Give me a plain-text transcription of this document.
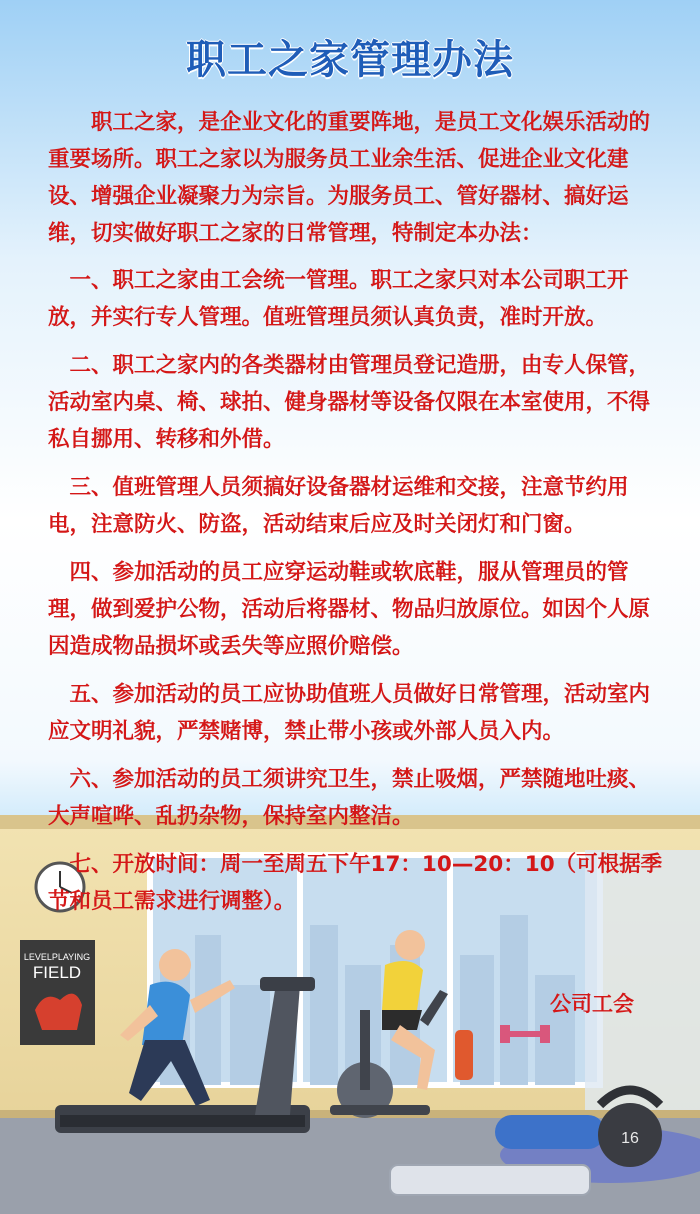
LEVELPLAYING
FIELD
16
职工之家管理办法

职工之家，是企业文化的重要阵地，是员工文化娱乐活动的重要场所。职工之家以为服务员工业余生活、促进企业文化建设、增强企业凝聚力为宗旨。为服务员工、管好器材、搞好运维，切实做好职工之家的日常管理，特制定本办法：

一、职工之家由工会统一管理。职工之家只对本公司职工开放，并实行专人管理。值班管理员须认真负责，准时开放。

二、职工之家内的各类器材由管理员登记造册，由专人保管，活动室内桌、椅、球拍、健身器材等设备仅限在本室使用，不得私自挪用、转移和外借。

三、值班管理人员须搞好设备器材运维和交接，注意节约用电，注意防火、防盗，活动结束后应及时关闭灯和门窗。

四、参加活动的员工应穿运动鞋或软底鞋，服从管理员的管理，做到爱护公物，活动后将器材、物品归放原位。如因个人原因造成物品损坏或丢失等应照价赔偿。

五、参加活动的员工应协助值班人员做好日常管理，活动室内应文明礼貌，严禁赌博，禁止带小孩或外部人员入内。

六、参加活动的员工须讲究卫生，禁止吸烟，严禁随地吐痰、大声喧哗、乱扔杂物，保持室内整洁。

七、开放时间：周一至周五下午17：10—20：10（可根据季节和员工需求进行调整）。

公司工会
